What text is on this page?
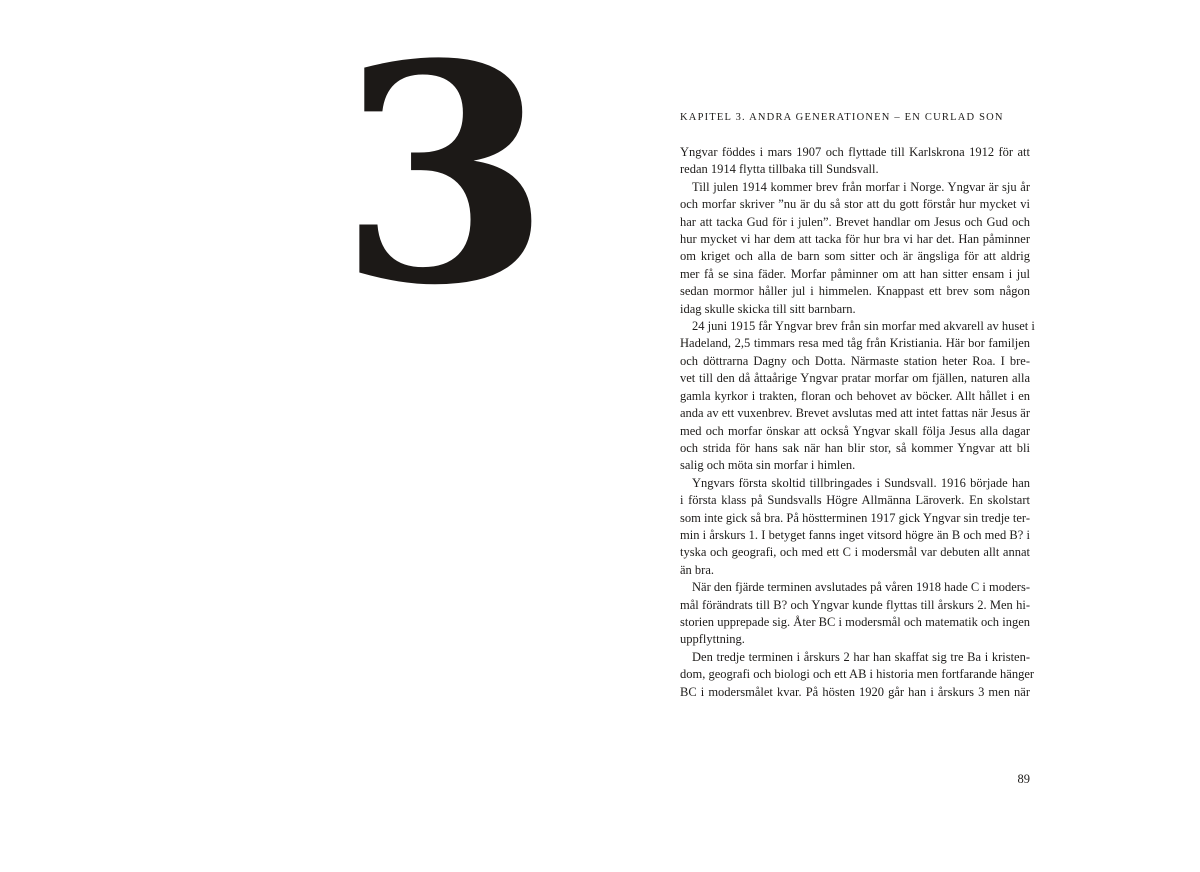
3	KAPITEL 3. ANDRA GENERATIONEN – EN CURLAD SON
Yngvar föddes i mars 1907 och flyttade till Karlskrona 1912 för att
redan 1914 flytta tillbaka till Sundsvall.
Till julen 1914 kommer brev från morfar i Norge. Yngvar är sju år
och morfar skriver ”nu är du så stor att du gott förstår hur mycket vi
har att tacka Gud för i julen”. Brevet handlar om Jesus och Gud och
hur mycket vi har dem att tacka för hur bra vi har det. Han påminner
om kriget och alla de barn som sitter och är ängsliga för att aldrig
mer få se sina fäder. Morfar påminner om att han sitter ensam i jul
sedan mormor håller jul i himmelen. Knappast ett brev som någon
idag skulle skicka till sitt barnbarn.
24 juni 1915 får Yngvar brev från sin morfar med akvarell av huset i
Hadeland, 2,5 timmars resa med tåg från Kristiania. Här bor familjen
och döttrarna Dagny och Dotta. Närmaste station heter Roa. I bre-
vet till den då åttaårige Yngvar pratar morfar om fjällen, naturen alla
gamla kyrkor i trakten, floran och behovet av böcker. Allt hållet i en
anda av ett vuxenbrev. Brevet avslutas med att intet fattas när Jesus är
med och morfar önskar att också Yngvar skall följa Jesus alla dagar
och strida för hans sak när han blir stor, så kommer Yngvar att bli
salig och möta sin morfar i himlen.
Yngvars första skoltid tillbringades i Sundsvall. 1916 började han
i första klass på Sundsvalls Högre Allmänna Läroverk. En skolstart
som inte gick så bra. På höstterminen 1917 gick Yngvar sin tredje ter-
min i årskurs 1. I betyget fanns inget vitsord högre än B och med B? i
tyska och geografi, och med ett C i modersmål var debuten allt annat
än bra.
När den fjärde terminen avslutades på våren 1918 hade C i moders-
mål förändrats till B? och Yngvar kunde flyttas till årskurs 2. Men hi-
storien upprepade sig. Åter BC i modersmål och matematik och ingen
uppflyttning.
Den tredje terminen i årskurs 2 har han skaffat sig tre Ba i kristen-
dom, geografi och biologi och ett AB i historia men fortfarande hänger
BC i modersmålet kvar. På hösten 1920 går han i årskurs 3 men när
89
